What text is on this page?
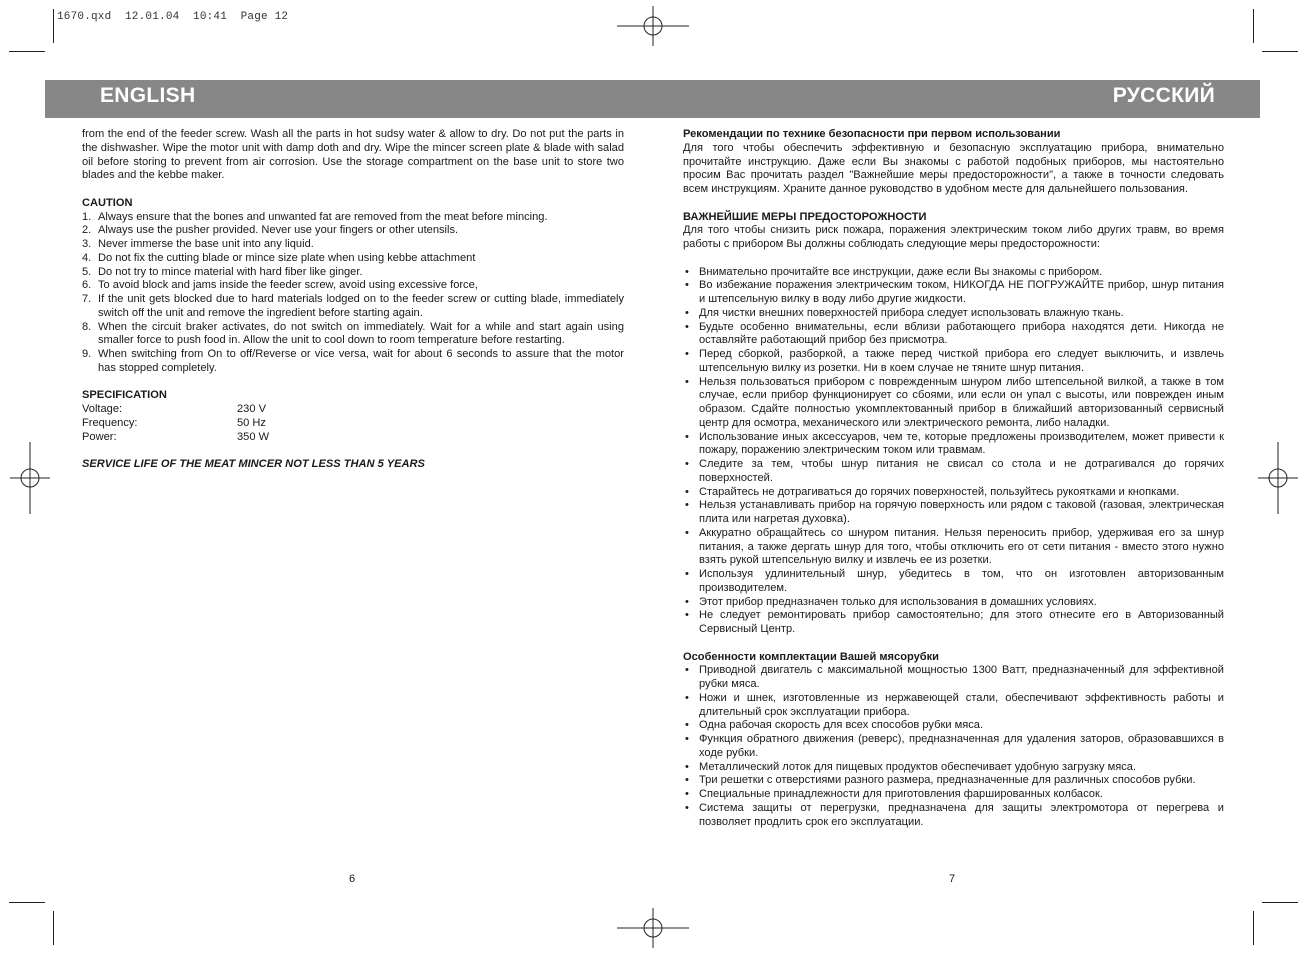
1670.qxd  12.01.04  10:41  Page 12
ENGLISH	РУССКИЙ

from the end of the feeder screw. Wash all the parts in hot sudsy water & allow to dry. Do not put the parts in the dishwasher. Wipe the motor unit with damp doth and dry. Wipe the mincer screen plate & blade with salad oil before storing to prevent from air corrosion. Use the storage compartment on the base unit to store two blades and the kebbe maker.

CAUTION

1. Always ensure that the bones and unwanted fat are removed from the meat before mincing.
2. Always use the pusher provided. Never use your fingers or other utensils.
3. Never immerse the base unit into any liquid.
4. Do not fix the cutting blade or mince size plate when using kebbe attachment
5. Do not try to mince material with hard fiber like ginger.
6. To avoid block and jams inside the feeder screw, avoid using excessive force,
7. If the unit gets blocked due to hard materials lodged on to the feeder screw or cutting blade, immediately switch off the unit and remove the ingredient before starting again.
8. When the circuit braker activates, do not switch on immediately. Wait for a while and start again using smaller force to push food in. Allow the unit to cool down to room temperature before restarting.
9. When switching from On to off/Reverse or vice versa, wait for about 6 seconds to assure that the motor has stopped completely.

SPECIFICATION

Voltage:	230 V
Frequency:	50 Hz
Power:	350 W

SERVICE LIFE OF THE MEAT MINCER NOT LESS THAN 5 YEARS

Рекомендации по технике безопасности при первом использовании

Для того чтобы обеспечить эффективную и безопасную эксплуатацию прибора, внимательно прочитайте инструкцию. Даже если Вы знакомы с работой подобных приборов, мы настоятельно просим Вас прочитать раздел "Важнейшие меры предосторожности", а также в точности следовать всем инструкциям. Храните данное руководство в удобном месте для дальнейшего пользования.

ВАЖНЕЙШИЕ МЕРЫ ПРЕДОСТОРОЖНОСТИ

Для того чтобы снизить риск пожара, поражения электрическим током либо других травм, во время работы с прибором Вы должны соблюдать следующие меры предосторожности:

• Внимательно прочитайте все инструкции, даже если Вы знакомы с прибором.
• Во избежание поражения электрическим током, НИКОГДА НЕ ПОГРУЖАЙТЕ прибор, шнур питания и штепсельную вилку в воду либо другие жидкости.
• Для чистки внешних поверхностей прибора следует использовать влажную ткань.
• Будьте особенно внимательны, если вблизи работающего прибора находятся дети. Никогда не оставляйте работающий прибор без присмотра.
• Перед сборкой, разборкой, а также перед чисткой прибора его следует выключить, и извлечь штепсельную вилку из розетки. Ни в коем случае не тяните шнур питания.
• Нельзя пользоваться прибором с поврежденным шнуром либо штепсельной вилкой, а также в том случае, если прибор функционирует со сбоями, или если он упал с высоты, или поврежден иным образом. Сдайте полностью укомплектованный прибор в ближайший авторизованный сервисный центр для осмотра, механического или электрического ремонта, либо наладки.
• Использование иных аксессуаров, чем те, которые предложены производителем, может привести к пожару, поражению электрическим током или травмам.
• Следите за тем, чтобы шнур питания не свисал со стола и не дотрагивался до горячих поверхностей.
• Старайтесь не дотрагиваться до горячих поверхностей, пользуйтесь рукоятками и кнопками.
• Нельзя устанавливать прибор на горячую поверхность или рядом с таковой (газовая, электрическая плита или нагретая духовка).
• Аккуратно обращайтесь со шнуром питания. Нельзя переносить прибор, удерживая его за шнур питания, а также дергать шнур для того, чтобы отключить его от сети питания - вместо этого нужно взять рукой штепсельную вилку и извлечь ее из розетки.
• Используя удлинительный шнур, убедитесь в том, что он изготовлен авторизованным производителем.
• Этот прибор предназначен только для использования в домашних условиях.
• Не следует ремонтировать прибор самостоятельно; для этого отнесите его в Авторизованный Сервисный Центр.

Особенности комплектации Вашей мясорубки

• Приводной двигатель с максимальной мощностью 1300 Ватт, предназначенный для эффективной рубки мяса.
• Ножи и шнек, изготовленные из нержавеющей стали, обеспечивают эффективность работы и длительный срок эксплуатации прибора.
• Одна рабочая скорость для всех способов рубки мяса.
• Функция обратного движения (реверс), предназначенная для удаления заторов, образовавшихся в ходе рубки.
• Металлический лоток для пищевых продуктов обеспечивает удобную загрузку мяса.
• Три решетки с отверстиями разного размера, предназначенные для различных способов рубки.
• Специальные принадлежности для приготовления фаршированных колбасок.
• Система защиты от перегрузки, предназначена для защиты электромотора от перегрева и позволяет продлить срок его эксплуатации.
6	7
